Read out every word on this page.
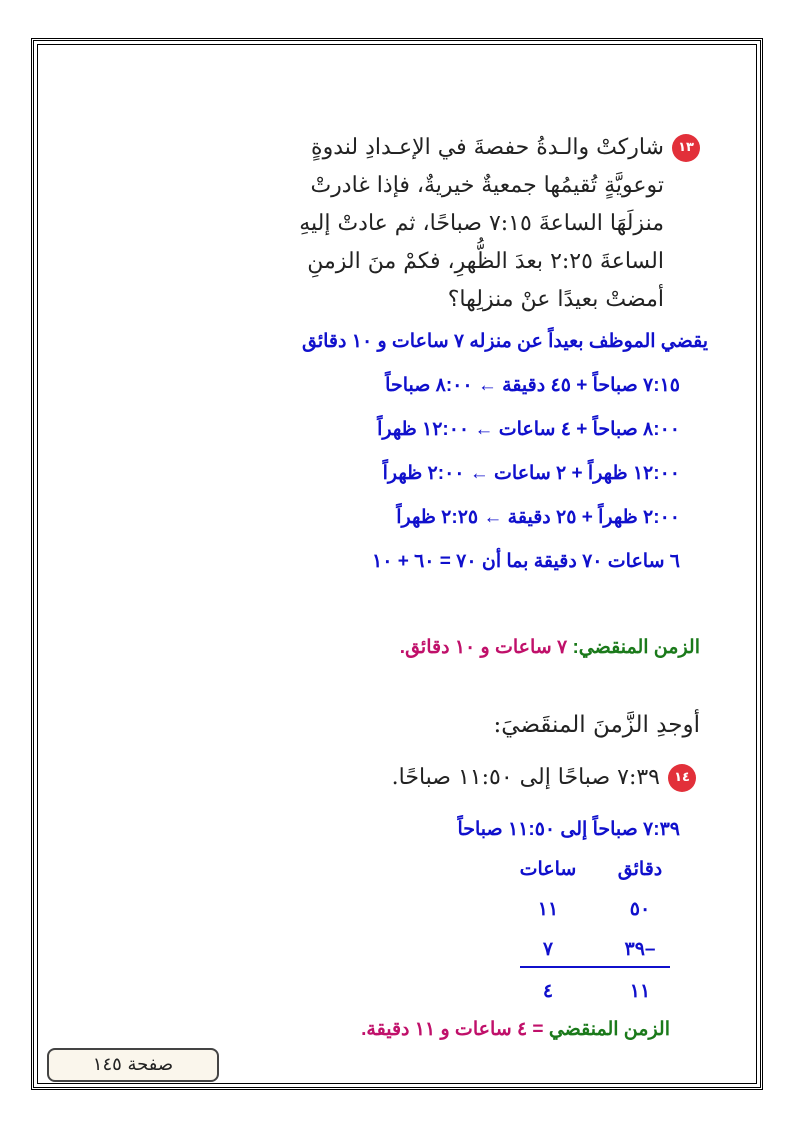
١٣شاركتْ والـدةُ حفصةَ في الإعـدادِ لندوةٍ
توعويَّةٍ تُقيمُها جمعيةٌ خيريةٌ، فإذا غادرتْ
منزلَهَا الساعةَ ٧:١٥ صباحًا، ثم عادتْ إليهِ
الساعةَ ٢:٢٥ بعدَ الظُّهرِ، فكمْ منَ الزمنِ
أمضتْ بعيدًا عنْ منزلِها؟
يقضي الموظف بعيداً عن منزله ٧ ساعات و ١٠ دقائق
٧:١٥ صباحاً + ٤٥ دقيقة ← ٨:٠٠ صباحاً
٨:٠٠ صباحاً + ٤ ساعات ← ١٢:٠٠ ظهراً
١٢:٠٠ ظهراً + ٢ ساعات ← ٢:٠٠ ظهراً
٢:٠٠ ظهراً + ٢٥ دقيقة ← ٢:٢٥ ظهراً
٦ ساعات ٧٠ دقيقة بما أن ٧٠ = ٦٠ + ١٠
الزمن المنقضي: ٧ ساعات و ١٠ دقائق.
أوجدِ الزَّمنَ المنقَضيَ:
١٤٧:٣٩ صباحًا إلى ١١:٥٠ صباحًا.
٧:٣٩ صباحاً إلى ١١:٥٠ صباحاً
دقائق
ساعات
٥٠
١١
٣٩–
٧
١١
٤
الزمن المنقضي = ٤ ساعات و ١١ دقيقة.
صفحة ١٤٥
